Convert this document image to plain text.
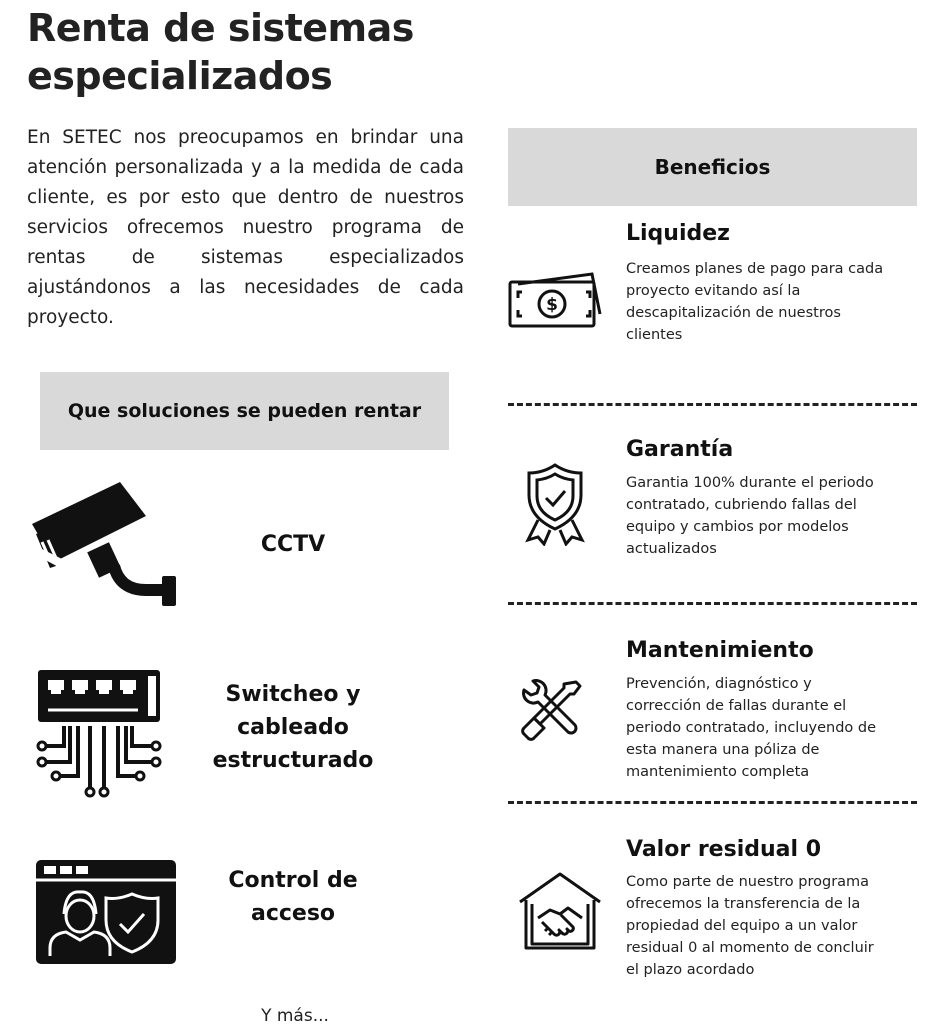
Renta de sistemas especializados

En SETEC nos preocupamos en brindar una atención personalizada y a la medida de cada cliente, es por esto que dentro de nuestros servicios ofrecemos nuestro programa de rentas de sistemas especializados ajustándonos a las necesidades de cada proyecto.

Que soluciones se pueden rentar
CCTV
Switcheo y cableado estructurado
Control de acceso
Y más...
Beneficios
$
Liquidez

Creamos planes de pago para cada proyecto evitando así la descapitalización de nuestros clientes

Garantía

Garantia 100% durante el periodo contratado, cubriendo fallas del equipo y cambios por modelos actualizados

Mantenimiento

Prevención, diagnóstico y corrección de fallas durante el periodo contratado, incluyendo de esta manera una póliza de mantenimiento completa

Valor residual 0

Como parte de nuestro programa ofrecemos la transferencia de la propiedad del equipo a un valor residual 0 al momento de concluir el plazo acordado
